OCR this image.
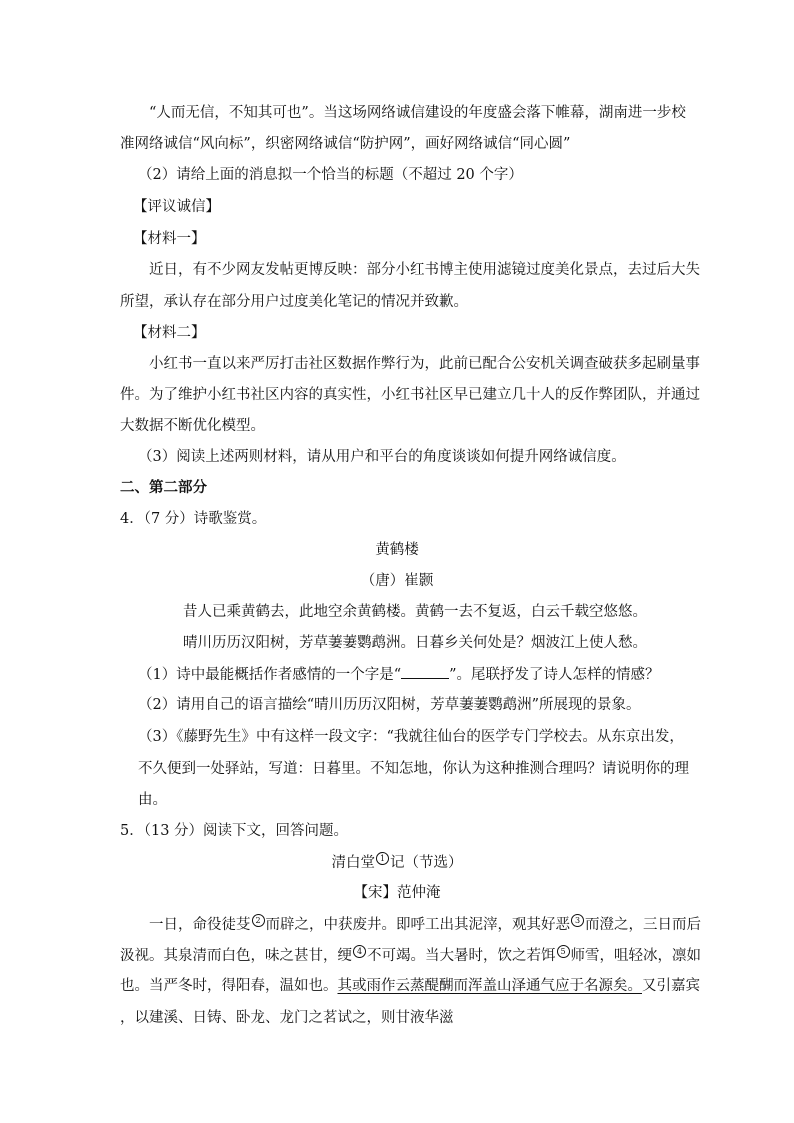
“人而无信，不知其可也”。当这场网络诚信建设的年度盛会落下帷幕，湖南进一步校
准网络诚信“风向标”，织密网络诚信“防护网”，画好网络诚信“同心圆”
（2）请给上面的消息拟一个恰当的标题（不超过 20 个字）
【评议诚信】
【材料一】
近日，有不少网友发帖更博反映：部分小红书博主使用滤镜过度美化景点，去过后大失
所望，承认存在部分用户过度美化笔记的情况并致歉。
【材料二】
小红书一直以来严厉打击社区数据作弊行为，此前已配合公安机关调查破获多起刷量事
件。为了维护小红书社区内容的真实性，小红书社区早已建立几十人的反作弊团队，并通过
大数据不断优化模型。
（3）阅读上述两则材料，请从用户和平台的角度谈谈如何提升网络诚信度。
二、第二部分
4．（7 分）诗歌鉴赏。
黄鹤楼
（唐）崔颢
昔人已乘黄鹤去，此地空余黄鹤楼。黄鹤一去不复返，白云千载空悠悠。
晴川历历汉阳树，芳草萋萋鹦鹉洲。日暮乡关何处是？烟波江上使人愁。
（1）诗中最能概括作者感情的一个字是“	”。尾联抒发了诗人怎样的情感？
（2）请用自己的语言描绘“晴川历历汉阳树，芳草萋萋鹦鹉洲”所展现的景象。
（3）《藤野先生》中有这样一段文字：“我就往仙台的医学专门学校去。从东京出发，
不久便到一处驿站，写道：日暮里。不知怎地，你认为这种推测合理吗？请说明你的理
由。
5．（13 分）阅读下文，回答问题。
清白堂 1 记（节选）
【宋】范仲淹
一日，命役徒芟 2 而辟之，中获废井。即呼工出其泥滓，观其好恶 3 而澄之，三日而后
汲视。其泉清而白色，味之甚甘，绠 4 不可竭。当大暑时，饮之若饵 5 师雪，咀轻冰，凛如
也。当严冬时，得阳春，温如也。其或雨作云蒸醍醐而浑盖山泽通气应于名源矣。又引嘉宾
，以建溪、日铸、卧龙、龙门之茗试之，则甘液华滋
